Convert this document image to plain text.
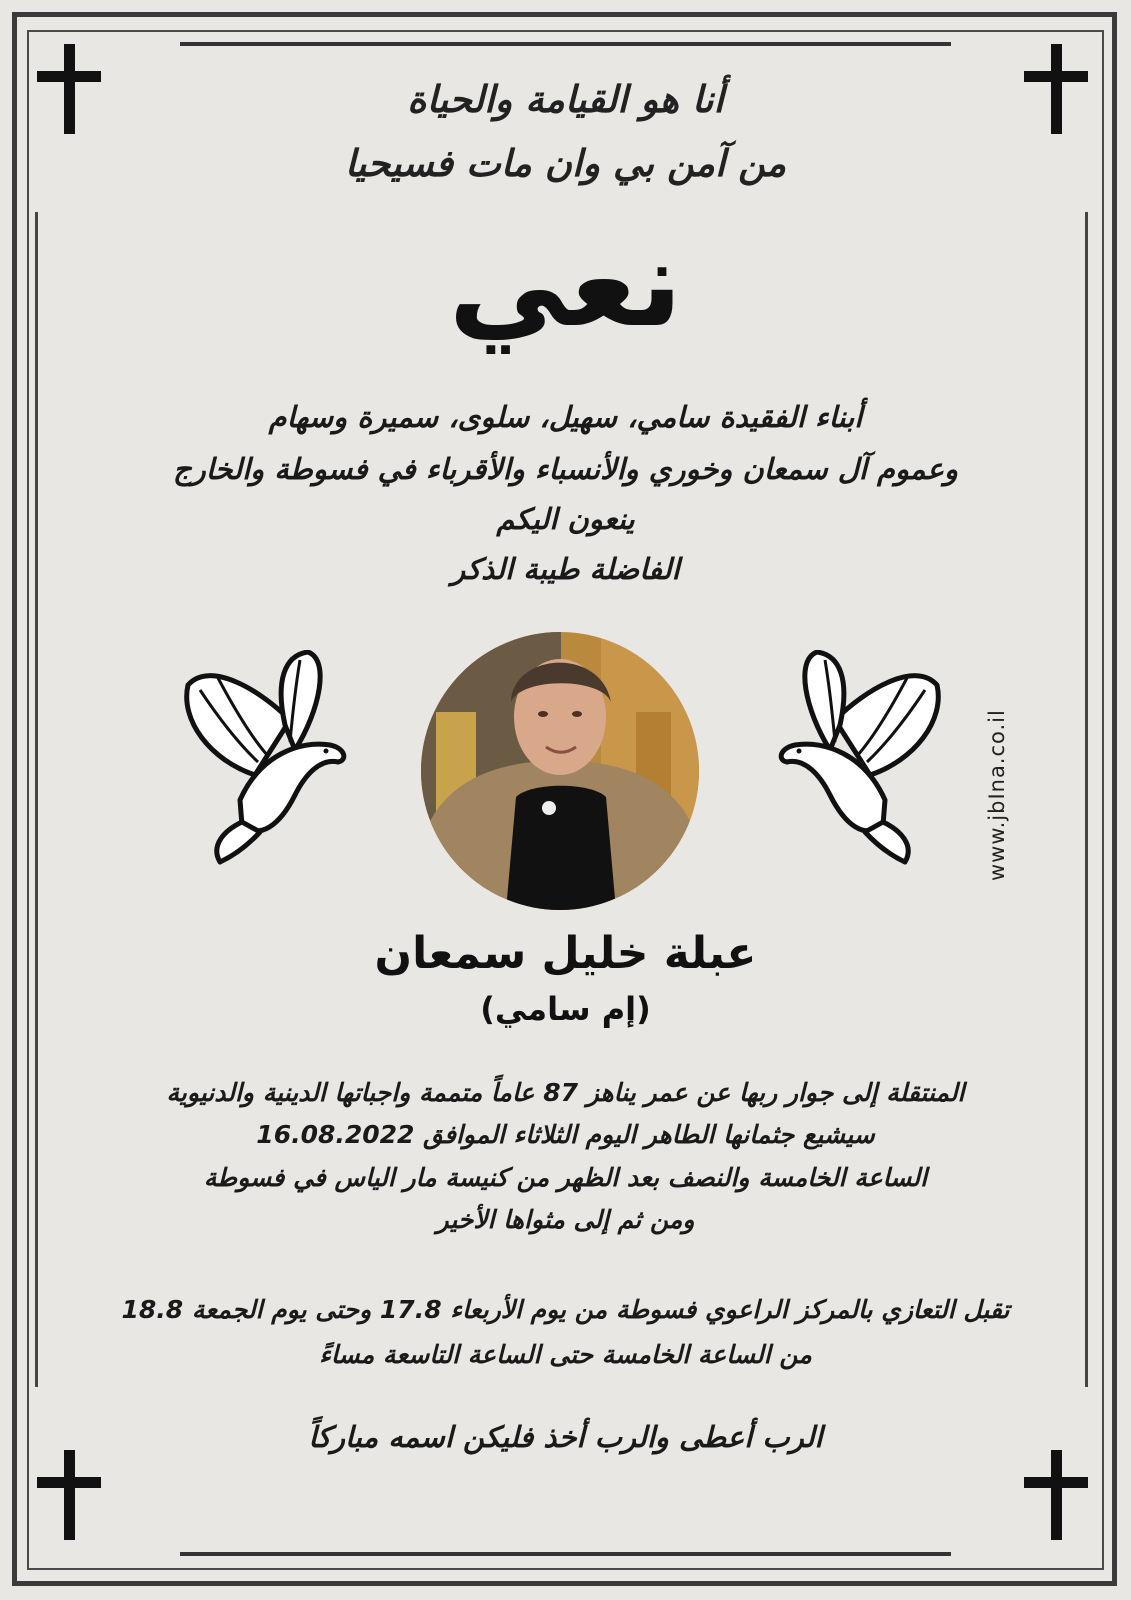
أنا هو القيامة والحياة
من آمن بي وان مات فسيحيا
نعي
أبناء الفقيدة سامي، سهيل، سلوى، سميرة وسهام
وعموم آل سمعان وخوري والأنسباء والأقرباء في فسوطة والخارج
ينعون اليكم
الفاضلة طيبة الذكر
www.jbIna.co.il
عبلة خليل سمعان
(إم سامي)
المنتقلة إلى جوار ربها عن عمر يناهز 87 عاماً متممة واجباتها الدينية والدنيوية
سيشيع جثمانها الطاهر اليوم الثلاثاء الموافق 16.08.2022
الساعة الخامسة والنصف بعد الظهر من كنيسة مار الياس في فسوطة
ومن ثم إلى مثواها الأخير
تقبل التعازي بالمركز الراعوي فسوطة من يوم الأربعاء 17.8 وحتى يوم الجمعة 18.8
من الساعة الخامسة حتى الساعة التاسعة مساءً
الرب أعطى والرب أخذ فليكن اسمه مباركاً
